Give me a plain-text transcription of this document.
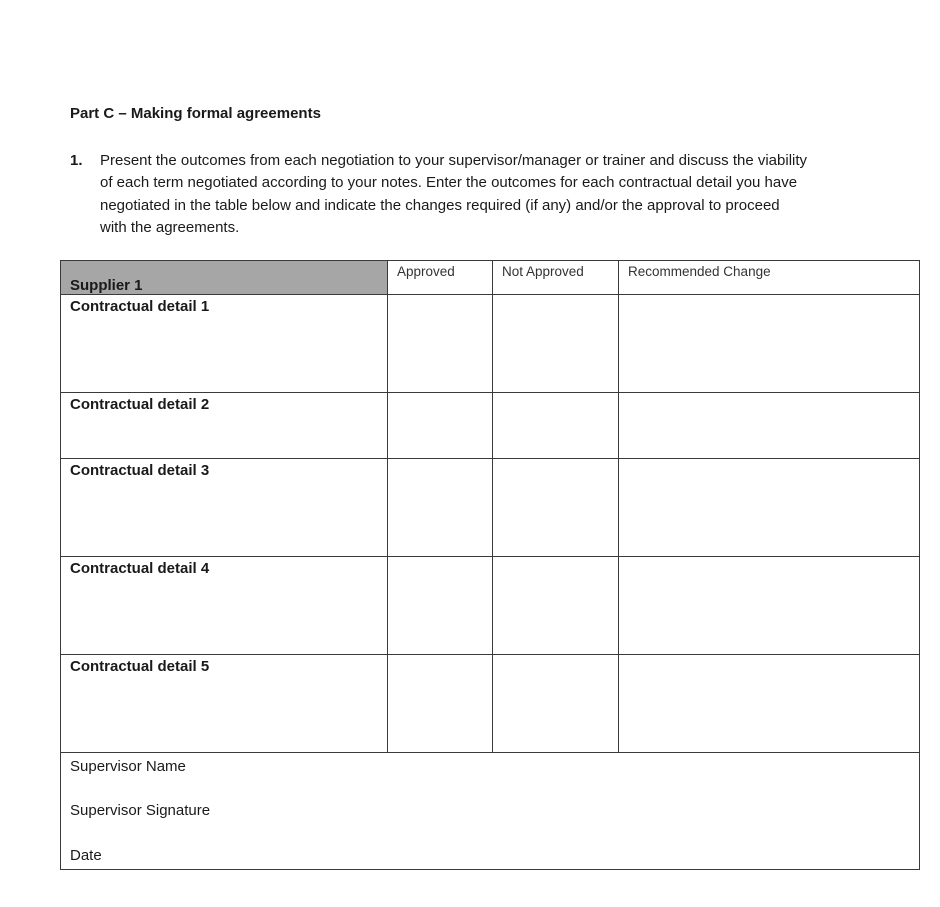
Part C – Making formal agreements
1. Present the outcomes from each negotiation to your supervisor/manager or trainer and discuss the viability of each term negotiated according to your notes. Enter the outcomes for each contractual detail you have negotiated in the table below and indicate the changes required (if any) and/or the approval to proceed with the agreements.
Supplier 1	Approved	Not Approved	Recommended Change
Contractual detail 1			
Contractual detail 2			
Contractual detail 3			
Contractual detail 4			
Contractual detail 5			

Supervisor Name
Supervisor Signature
Date			
